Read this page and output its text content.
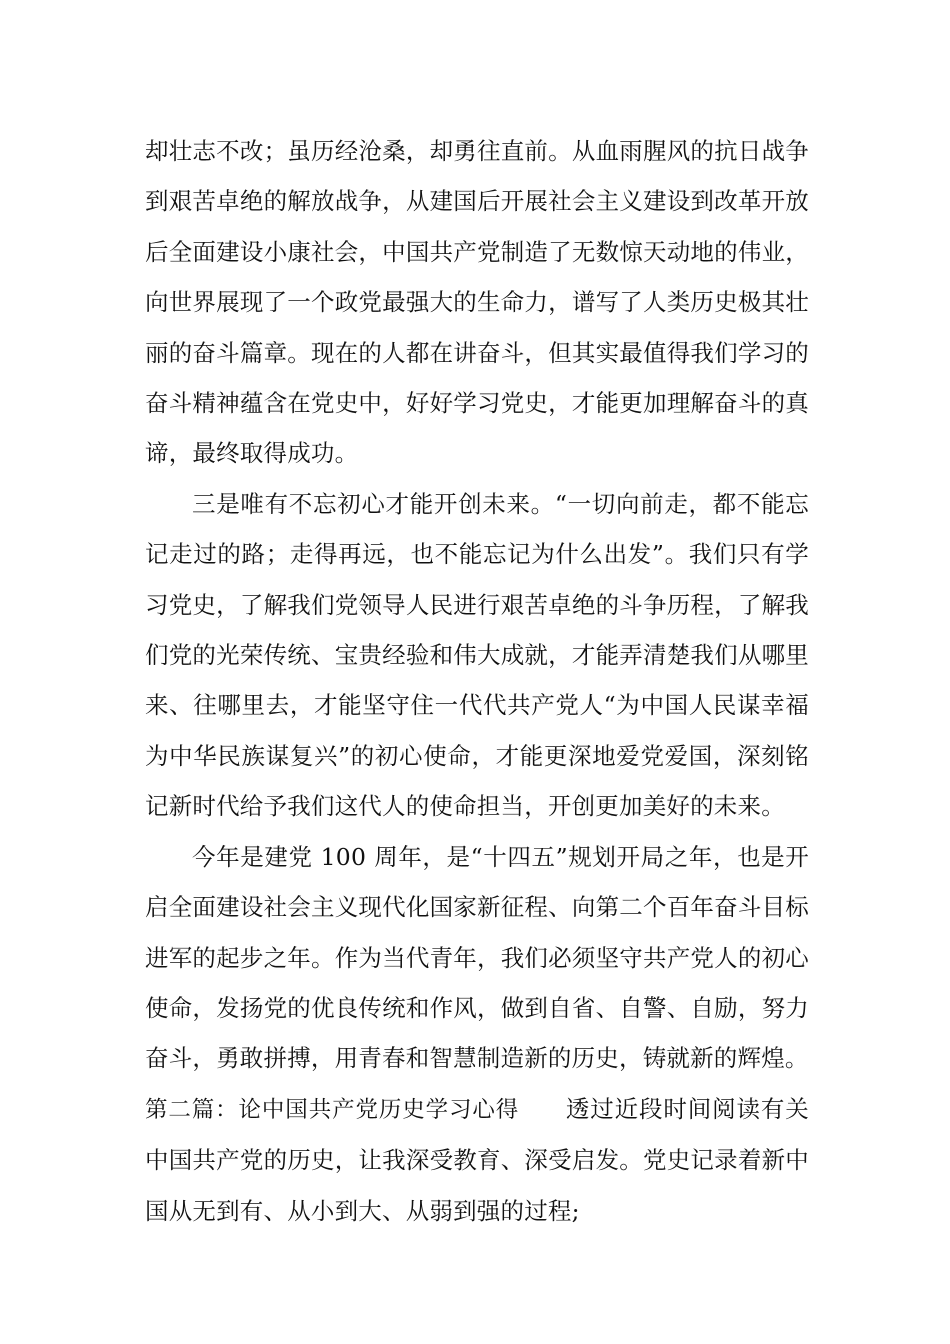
却壮志不改；虽历经沧桑，却勇往直前。从血雨腥风的抗日战争到艰苦卓绝的解放战争，从建国后开展社会主义建设到改革开放后全面建设小康社会，中国共产党制造了无数惊天动地的伟业，向世界展现了一个政党最强大的生命力，谱写了人类历史极其壮丽的奋斗篇章。现在的人都在讲奋斗，但其实最值得我们学习的奋斗精神蕴含在党史中，好好学习党史，才能更加理解奋斗的真谛，最终取得成功。

三是唯有不忘初心才能开创未来。“一切向前走，都不能忘记走过的路；走得再远，也不能忘记为什么出发”。我们只有学习党史，了解我们党领导人民进行艰苦卓绝的斗争历程，了解我们党的光荣传统、宝贵经验和伟大成就，才能弄清楚我们从哪里来、往哪里去，才能坚守住一代代共产党人“为中国人民谋幸福为中华民族谋复兴”的初心使命，才能更深地爱党爱国，深刻铭记新时代给予我们这代人的使命担当，开创更加美好的未来。

今年是建党 100 周年，是“十四五”规划开局之年，也是开启全面建设社会主义现代化国家新征程、向第二个百年奋斗目标进军的起步之年。作为当代青年，我们必须坚守共产党人的初心使命，发扬党的优良传统和作风，做到自省、自警、自励，努力奋斗，勇敢拼搏，用青春和智慧制造新的历史，铸就新的辉煌。

第二篇：论中国共产党历史学习心得 透过近段时间阅读有关中国共产党的历史，让我深受教育、深受启发。党史记录着新中国从无到有、从小到大、从弱到强的过程;
